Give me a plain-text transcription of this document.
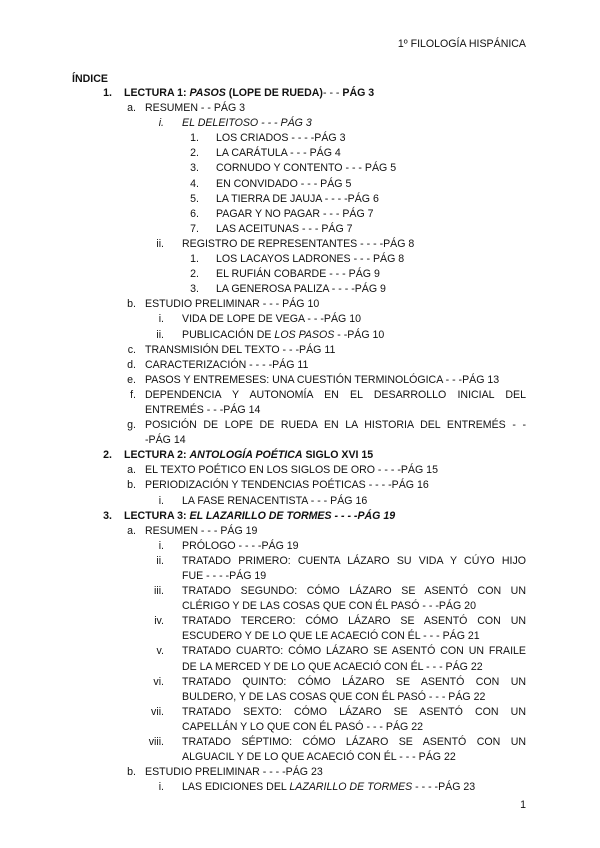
1º FILOLOGÍA HISPÁNICA
ÍNDICE
1. LECTURA 1: PASOS (LOPE DE RUEDA)- - - PÁG 3
a. RESUMEN - - PÁG 3
i. EL DELEITOSO - - - PÁG 3
1. LOS CRIADOS - - - -PÁG 3
2. LA CARÁTULA - - - PÁG 4
3. CORNUDO Y CONTENTO - - - PÁG 5
4. EN CONVIDADO - - - PÁG 5
5. LA TIERRA DE JAUJA - - - -PÁG 6
6. PAGAR Y NO PAGAR - - - PÁG 7
7. LAS ACEITUNAS - - - PÁG 7
ii. REGISTRO DE REPRESENTANTES - - - -PÁG 8
1. LOS LACAYOS LADRONES - - - PÁG 8
2. EL RUFIÁN COBARDE - - - PÁG 9
3. LA GENEROSA PALIZA - - - -PÁG 9
b. ESTUDIO PRELIMINAR - - - PÁG 10
i. VIDA DE LOPE DE VEGA - - -PÁG 10
ii. PUBLICACIÓN DE LOS PASOS - -PÁG 10
c. TRANSMISIÓN DEL TEXTO - - -PÁG 11
d. CARACTERIZACIÓN - - - -PÁG 11
e. PASOS Y ENTREMESES: UNA CUESTIÓN TERMINOLÓGICA - - -PÁG 13
f. DEPENDENCIA Y AUTONOMÍA EN EL DESARROLLO INICIAL DEL
ENTREMÉS - - -PÁG 14
g. POSICIÓN DE LOPE DE RUEDA EN LA HISTORIA DEL ENTREMÉS - -
-PÁG 14
2. LECTURA 2: ANTOLOGÍA POÉTICA SIGLO XVI 15
a. EL TEXTO POÉTICO EN LOS SIGLOS DE ORO - - - -PÁG 15
b. PERIODIZACIÓN Y TENDENCIAS POÉTICAS - - - -PÁG 16
i. LA FASE RENACENTISTA - - - PÁG 16
3. LECTURA 3: EL LAZARILLO DE TORMES - - - -PÁG 19
a. RESUMEN - - - PÁG 19
i. PRÓLOGO - - - -PÁG 19
ii. TRATADO PRIMERO: CUENTA LÁZARO SU VIDA Y CÚYO HIJO
FUE - - - -PÁG 19
iii. TRATADO SEGUNDO: CÓMO LÁZARO SE ASENTÓ CON UN
CLÉRIGO Y DE LAS COSAS QUE CON ÉL PASÓ - - -PÁG 20
iv. TRATADO TERCERO: CÓMO LÁZARO SE ASENTÓ CON UN
ESCUDERO Y DE LO QUE LE ACAECIÓ CON ÉL - - - PÁG 21
v. TRATADO CUARTO: CÓMO LÁZARO SE ASENTÓ CON UN FRAILE
DE LA MERCED Y DE LO QUE ACAECIÓ CON ÉL - - - PÁG 22
vi. TRATADO QUINTO: CÓMO LÁZARO SE ASENTÓ CON UN
BULDERO, Y DE LAS COSAS QUE CON ÉL PASÓ - - - PÁG 22
vii. TRATADO SEXTO: CÓMO LÁZARO SE ASENTÓ CON UN
CAPELLÁN Y LO QUE CON ÉL PASÓ - - - PÁG 22
viii. TRATADO SÉPTIMO: CÓMO LÁZARO SE ASENTÓ CON UN
ALGUACIL Y DE LO QUE ACAECIÓ CON ÉL - - - PÁG 22
b. ESTUDIO PRELIMINAR - - - -PÁG 23
i. LAS EDICIONES DEL LAZARILLO DE TORMES - - - -PÁG 23
1
